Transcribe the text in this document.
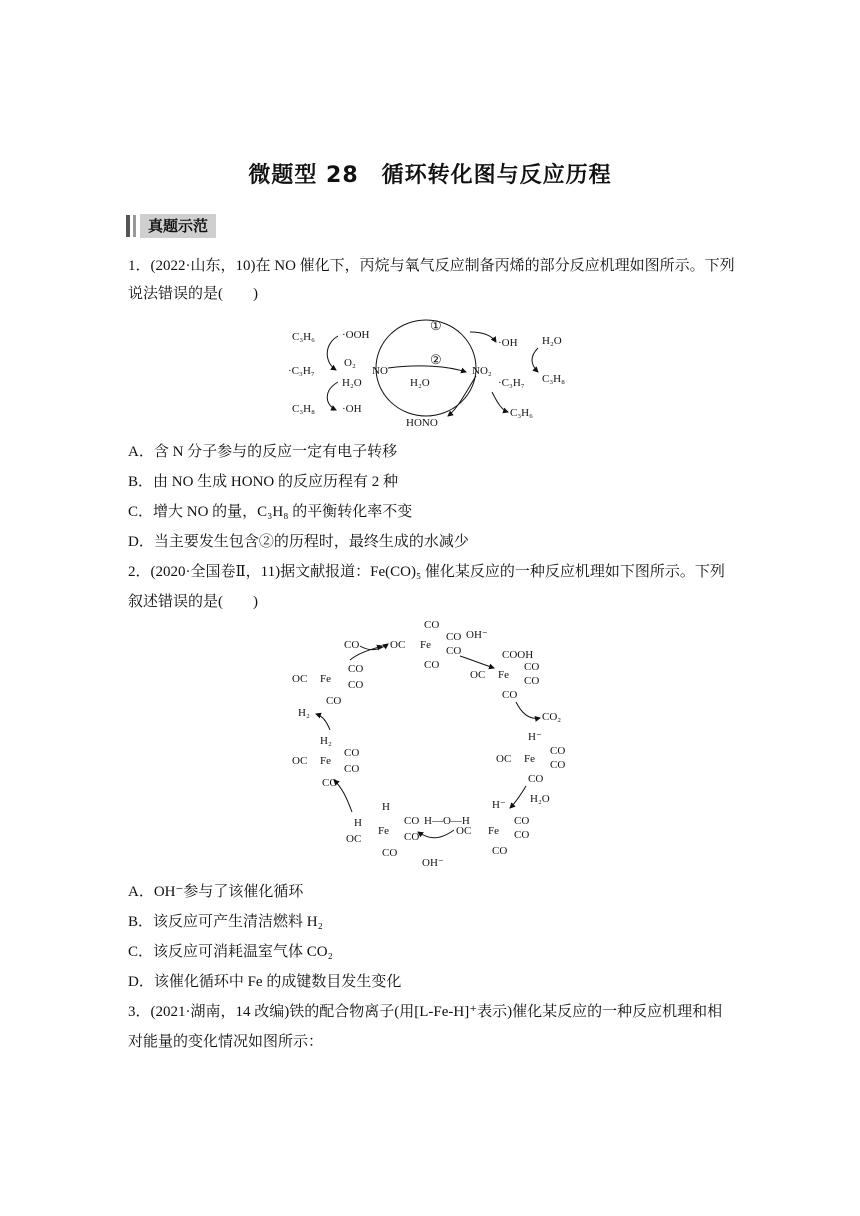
微题型 28　循环转化图与反应历程
真题示范
1．(2022·山东，10)在 NO 催化下，丙烷与氧气反应制备丙烯的部分反应机理如图所示。下列
说法错误的是(　　)
C₃H₆ ·OOH
O₂
·C₃H₇
H₂O
C₃H₈ ·OH
NO	NO₂
HONO
H₂O
①
②
·OH H₂O
C₃H₈
·C₃H₇
C₃H₆
A．含 N 分子参与的反应一定有电子转移
B．由 NO 生成 HONO 的反应历程有 2 种
C．增大 NO 的量，C₃H₈ 的平衡转化率不变
D．当主要发生包含②的历程时，最终生成的水减少
2．(2020·全国卷Ⅱ，11)据文献报道：Fe(CO)₅ 催化某反应的一种反应机理如下图所示。下列
叙述错误的是(　　)
CO	OC Fe
CO
CO
CO
CO
OH⁻
COOH
OC Fe
CO
CO
CO
CO₂
H⁻
OC Fe
CO
CO
CO
H₂O
H⁻
OC Fe
CO
CO
CO
H—O—H
OH⁻
H
H
OC
Fe
CO
CO
CO
H₂
OC Fe
CO
CO
CO
H₂
OC Fe
CO
CO
CO
A．OH⁻参与了该催化循环
B．该反应可产生清洁燃料 H₂
C．该反应可消耗温室气体 CO₂
D．该催化循环中 Fe 的成键数目发生变化
3．(2021·湖南，14 改编)铁的配合物离子(用[L-Fe-H]⁺表示)催化某反应的一种反应机理和相
对能量的变化情况如图所示：
